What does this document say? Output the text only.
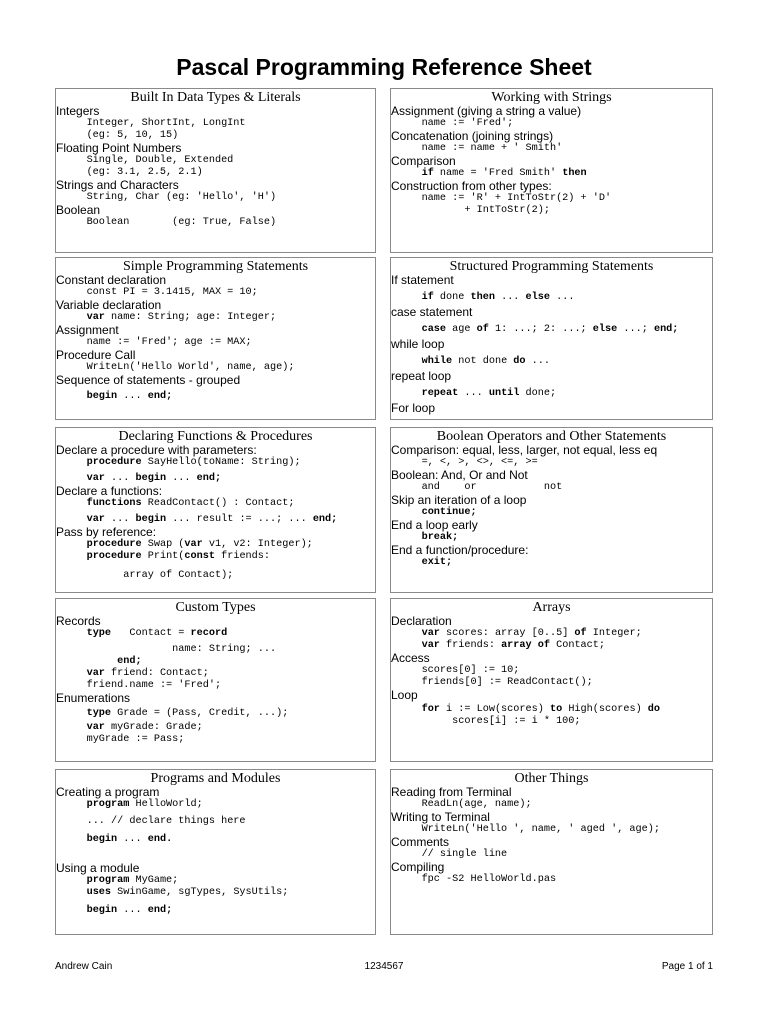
Pascal Programming Reference Sheet
Built In Data Types & Literals
Integers
Integer, ShortInt, LongInt
(eg: 5, 10, 15)
Floating Point Numbers
Single, Double, Extended
(eg: 3.1, 2.5, 2.1)
Strings and Characters
String, Char (eg: 'Hello', 'H')
Boolean
Boolean       (eg: True, False)
Working with Strings
Assignment (giving a string a value)
name := 'Fred';
Concatenation (joining strings)
name := name + ' Smith'
Comparison
if name = 'Fred Smith' then
Construction from other types:
name := 'R' + IntToStr(2) + 'D'
+ IntToStr(2);
Simple Programming Statements
Constant declaration
const PI = 3.1415, MAX = 10;
Variable declaration
var name: String; age: Integer;
Assignment
name := 'Fred'; age := MAX;
Procedure Call
WriteLn('Hello World', name, age);
Sequence of statements - grouped
begin ... end;
Structured Programming Statements
If statement
if done then ... else ...
case statement
case age of 1: ...; 2: ...; else ...; end;
while loop
while not done do ...
repeat loop
repeat ... until done;
For loop
Declaring Functions & Procedures
Declare a procedure with parameters:
procedure SayHello(toName: String);
var ... begin ... end;
Declare a functions:
functions ReadContact() : Contact;
var ... begin ... result := ...; ... end;
Pass by reference:
procedure Swap (var v1, v2: Integer);
procedure Print(const friends:
array of Contact);
Boolean Operators and Other Statements
Comparison: equal, less, larger, not equal, less eq
=, <, >, <>, <=, >=
Boolean: And, Or and Not
and    or           not
Skip an iteration of a loop
continue;
End a loop early
break;
End a function/procedure:
exit;
Custom Types
Records
type   Contact = record
name: String; ...
end;
var friend: Contact;
friend.name := 'Fred';
Enumerations
type Grade = (Pass, Credit, ...);
var myGrade: Grade;
myGrade := Pass;
Arrays
Declaration
var scores: array [0..5] of Integer;
var friends: array of Contact;
Access
scores[0] := 10;
friends[0] := ReadContact();
Loop
for i := Low(scores) to High(scores) do
scores[i] := i * 100;
Programs and Modules
Creating a program
program HelloWorld;
... // declare things here
begin ... end.
Using a module
program MyGame;
uses SwinGame, sgTypes, SysUtils;
begin ... end;
Other Things
Reading from Terminal
ReadLn(age, name);
Writing to Terminal
WriteLn('Hello ', name, ' aged ', age);
Comments
// single line
Compiling
fpc -S2 HelloWorld.pas
Andrew Cain	1234567	Page 1 of 1
